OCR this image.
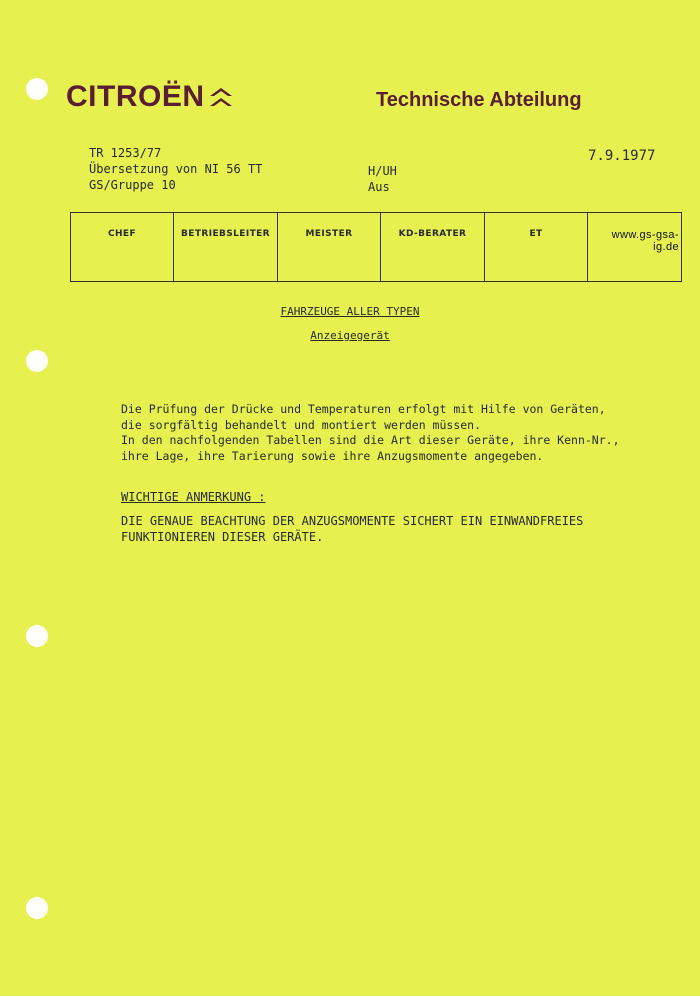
CITROËN	Technische Abteilung
TR 1253/77
Übersetzung von NI 56 TT
GS/Gruppe 10
H/UH
Aus
7.9.1977
CHEF	BETRIEBSLEITER	MEISTER	KD-BERATER	ET	www.gs-gsa-ig.de
FAHRZEUGE ALLER TYPEN
Anzeigegerät
Die Prüfung der Drücke und Temperaturen erfolgt mit Hilfe von Geräten,
die sorgfältig behandelt und montiert werden müssen.
In den nachfolgenden Tabellen sind die Art dieser Geräte, ihre Kenn-Nr.,
ihre Lage, ihre Tarierung sowie ihre Anzugsmomente angegeben.
WICHTIGE ANMERKUNG :
DIE GENAUE BEACHTUNG DER ANZUGSMOMENTE SICHERT EIN EINWANDFREIES
FUNKTIONIEREN DIESER GERÄTE.
